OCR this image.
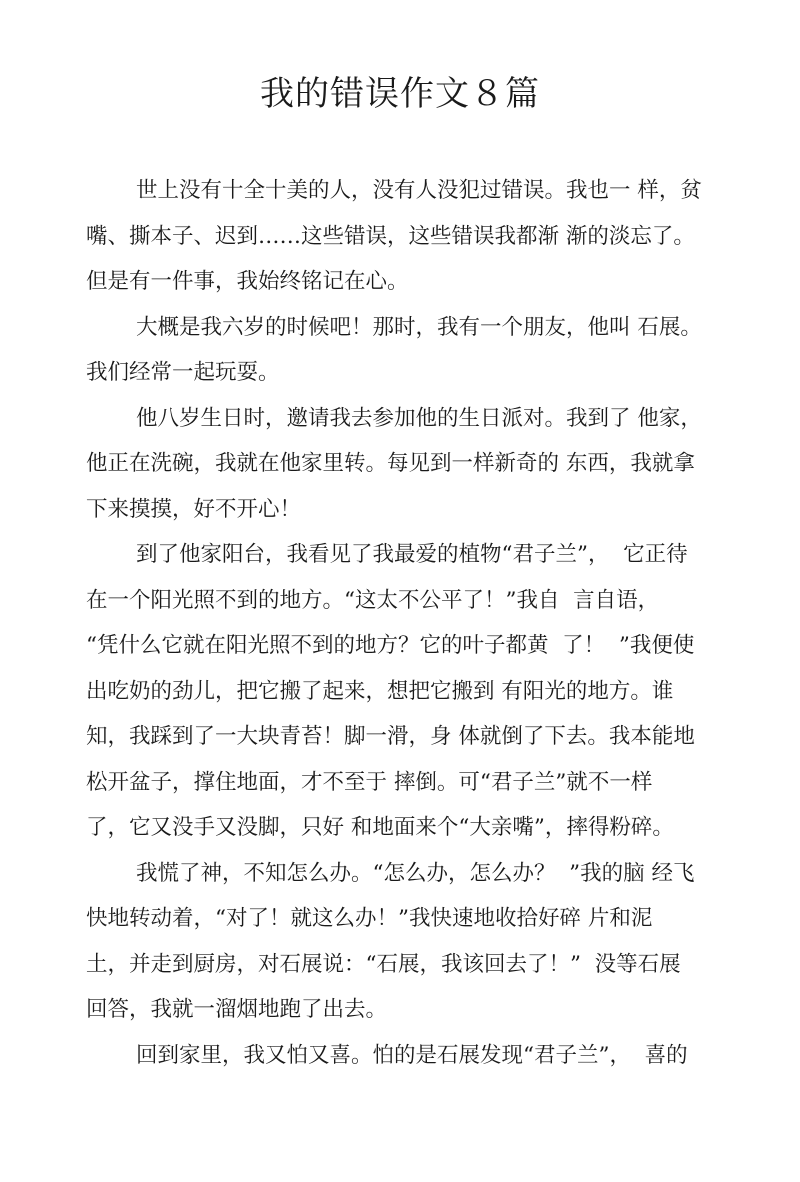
我的错误作文８篇
世上没有十全十美的人，没有人没犯过错误。我也一 样，贫
嘴、撕本子、迟到……这些错误，这些错误我都渐 渐的淡忘了。
但是有一件事，我始终铭记在心。
大概是我六岁的时候吧！那时，我有一个朋友，他叫 石展。
我们经常一起玩耍。
他八岁生日时，邀请我去参加他的生日派对。我到了 他家，
他正在洗碗，我就在他家里转。每见到一样新奇的 东西，我就拿
下来摸摸，好不开心！
到了他家阳台，我看见了我最爱的植物“君子兰”，  它正待
在一个阳光照不到的地方。“这太不公平了！”我自  言自语，
“凭什么它就在阳光照不到的地方？它的叶子都黄  了！  ”我便使
出吃奶的劲儿，把它搬了起来，想把它搬到 有阳光的地方。谁
知，我踩到了一大块青苔！脚一滑，身 体就倒了下去。我本能地
松开盆子，撑住地面，才不至于 摔倒。可“君子兰”就不一样
了，它又没手又没脚，只好 和地面来个“大亲嘴”，摔得粉碎。
我慌了神，不知怎么办。“怎么办，怎么办？  ”我的脑 经飞
快地转动着，“对了！就这么办！”我快速地收拾好碎 片和泥
土，并走到厨房，对石展说：“石展，我该回去了！”  没等石展
回答，我就一溜烟地跑了出去。
回到家里，我又怕又喜。怕的是石展发现“君子兰”，  喜的
